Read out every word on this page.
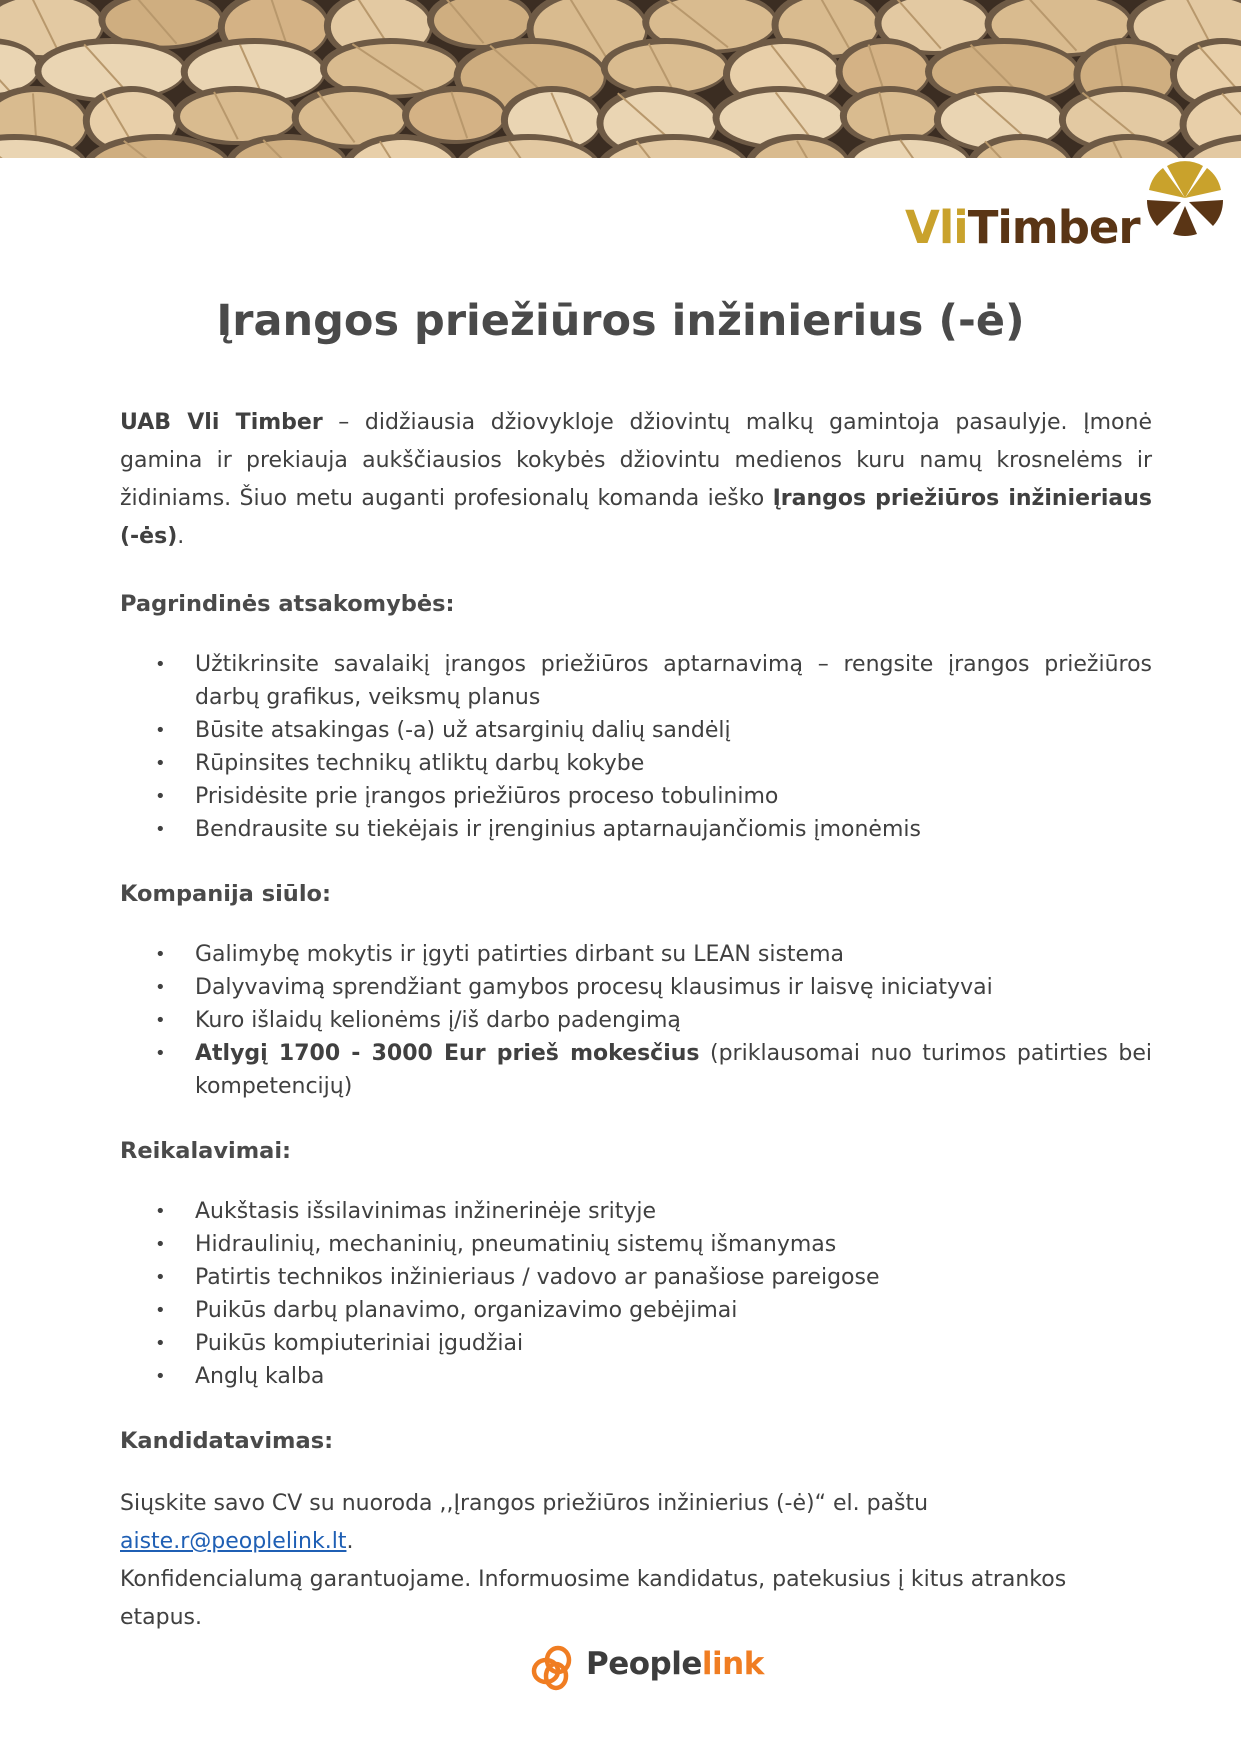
VliTimber
Įrangos priežiūros inžinierius (-ė)

UAB Vli Timber – didžiausia džiovykloje džiovintų malkų gamintoja pasaulyje. Įmonė gamina ir prekiauja aukščiausios kokybės džiovintu medienos kuru namų krosnelėms ir židiniams. Šiuo metu auganti profesionalų komanda ieško Įrangos priežiūros inžinieriaus (-ės).

Pagrindinės atsakomybės:
• Užtikrinsite savalaikį įrangos priežiūros aptarnavimą – rengsite įrangos priežiūros darbų grafikus, veiksmų planus
• Būsite atsakingas (-a) už atsarginių dalių sandėlį
• Rūpinsites technikų atliktų darbų kokybe
• Prisidėsite prie įrangos priežiūros proceso tobulinimo
• Bendrausite su tiekėjais ir įrenginius aptarnaujančiomis įmonėmis
Kompanija siūlo:
• Galimybę mokytis ir įgyti patirties dirbant su LEAN sistema
• Dalyvavimą sprendžiant gamybos procesų klausimus ir laisvę iniciatyvai
• Kuro išlaidų kelionėms į/iš darbo padengimą
• Atlygį 1700 - 3000 Eur prieš mokesčius (priklausomai nuo turimos patirties bei kompetencijų)
Reikalavimai:
• Aukštasis išsilavinimas inžinerinėje srityje
• Hidraulinių, mechaninių, pneumatinių sistemų išmanymas
• Patirtis technikos inžinieriaus / vadovo ar panašiose pareigose
• Puikūs darbų planavimo, organizavimo gebėjimai
• Puikūs kompiuteriniai įgudžiai
• Anglų kalba
Kandidatavimas:

Siųskite savo CV su nuoroda ,,Įrangos priežiūros inžinierius (-ė)“ el. paštu aiste.r@peoplelink.lt.
Konfidencialumą garantuojame. Informuosime kandidatus, patekusius į kitus atrankos etapus.

Peoplelink
